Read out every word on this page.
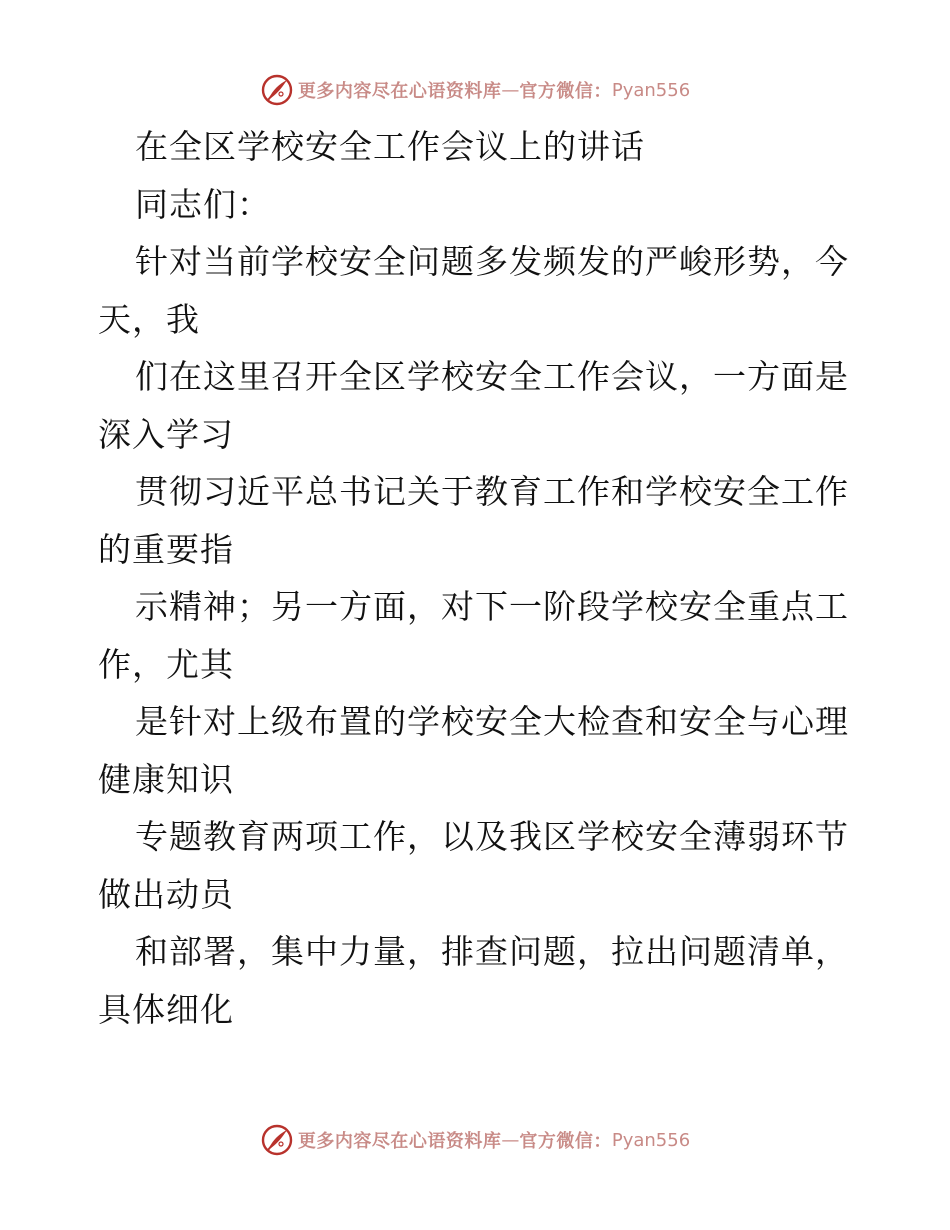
更多内容尽在心语资料库 — 官方微信： Pyan556
在全区学校安全工作会议上的讲话
同志们：
针对当前学校安全问题多发频发的严峻形势，今
天，我
们在这里召开全区学校安全工作会议，一方面是
深入学习
贯彻习近平总书记关于教育工作和学校安全工作
的重要指
示精神；另一方面，对下一阶段学校安全重点工
作，尤其
是针对上级布置的学校安全大检查和安全与心理
健康知识
专题教育两项工作，以及我区学校安全薄弱环节
做出动员
和部署，集中力量，排查问题，拉出问题清单，
具体细化
更多内容尽在心语资料库 — 官方微信： Pyan556
